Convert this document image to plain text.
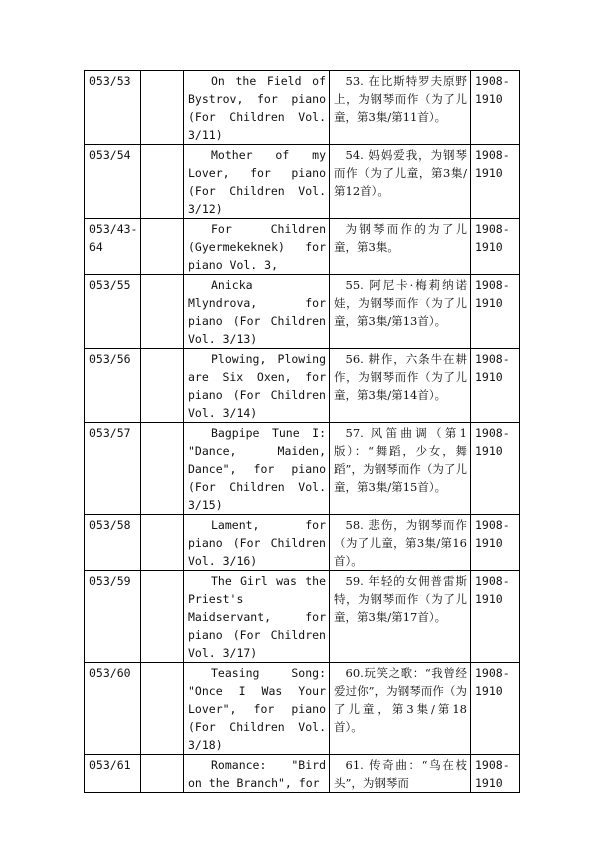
053/53		On the Field of Bystrov, for piano (For Children Vol. 3/11)	53. 在比斯特罗夫原野上，为钢琴而作（为了儿童，第3集/第11首）。	1908-1910
053/54		Mother of my Lover, for piano (For Children Vol. 3/12)	54. 妈妈爱我，为钢琴而作（为了儿童，第3集/第12首）。	1908-1910
053/43-64		For Children (Gyermekeknek) for piano Vol. 3,	为钢琴而作的为了儿童，第3集。	1908-1910
053/55		Anicka Mlyndrova, for piano (For Children Vol. 3/13)	55. 阿尼卡·梅莉纳诺娃，为钢琴而作（为了儿童，第3集/第13首）。	1908-1910
053/56		Plowing, Plowing are Six Oxen, for piano (For Children Vol. 3/14)	56. 耕作，六条牛在耕作，为钢琴而作（为了儿童，第3集/第14首）。	1908-1910
053/57		Bagpipe Tune I: "Dance, Maiden, Dance", for piano (For Children Vol. 3/15)	57. 风笛曲调（第1版）：“舞蹈，少女，舞蹈”，为钢琴而作（为了儿童，第3集/第15首）。	1908-1910
053/58		Lament, for piano (For Children Vol. 3/16)	58. 悲伤，为钢琴而作（为了儿童，第3集/第16首）。	1908-1910
053/59		The Girl was the Priest's Maidservant, for piano (For Children Vol. 3/17)	59. 年轻的女佣普雷斯特，为钢琴而作（为了儿童，第3集/第17首）。	1908-1910
053/60		Teasing Song: "Once I Was Your Lover", for piano (For Children Vol. 3/18)	60.玩笑之歌：“我曾经爱过你”，为钢琴而作（为了儿童，第3集/第18首）。	1908-1910
053/61		Romance: "Bird on the Branch", for	61. 传奇曲：“鸟在枝头”，为钢琴而	1908-1910
